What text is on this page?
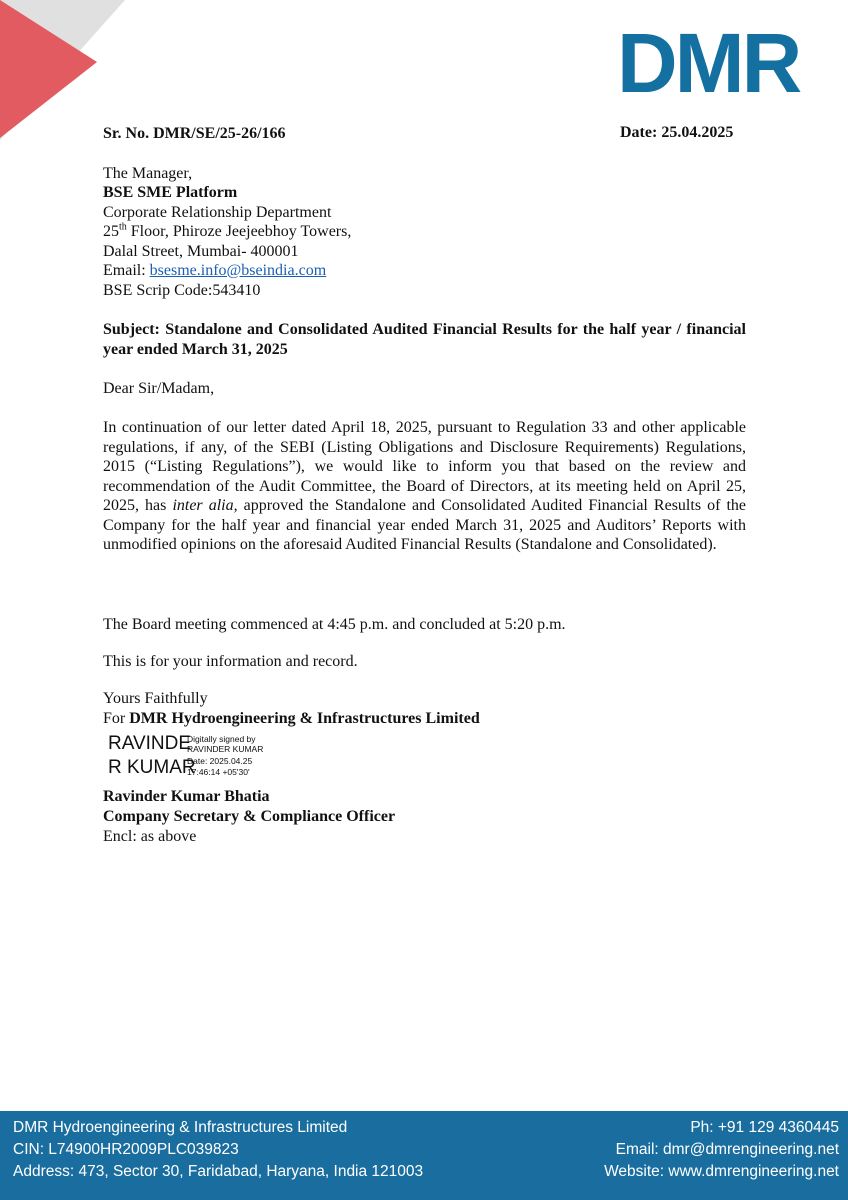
DMR
Sr. No. DMR/SE/25-26/166	Date: 25.04.2025
The Manager,
BSE SME Platform
Corporate Relationship Department
25th Floor, Phiroze Jeejeebhoy Towers,
Dalal Street, Mumbai- 400001
Email: bsesme.info@bseindia.com
BSE Scrip Code:543410
Subject: Standalone and Consolidated Audited Financial Results for the half year / financial year ended March 31, 2025
Dear Sir/Madam,
In continuation of our letter dated April 18, 2025, pursuant to Regulation 33 and other applicable regulations, if any, of the SEBI (Listing Obligations and Disclosure Requirements) Regulations, 2015 (“Listing Regulations”), we would like to inform you that based on the review and recommendation of the Audit Committee, the Board of Directors, at its meeting held on April 25, 2025, has inter alia, approved the Standalone and Consolidated Audited Financial Results of the Company for the half year and financial year ended March 31, 2025 and Auditors’ Reports with unmodified opinions on the aforesaid Audited Financial Results (Standalone and Consolidated).
The Board meeting commenced at 4:45 p.m. and concluded at 5:20 p.m.
This is for your information and record.
Yours Faithfully
For DMR Hydroengineering & Infrastructures Limited
RAVINDE
R KUMAR
Digitally signed by
RAVINDER KUMAR
Date: 2025.04.25
17:46:14 +05'30'
Ravinder Kumar Bhatia
Company Secretary & Compliance Officer
Encl: as above
DMR Hydroengineering & Infrastructures Limited
CIN: L74900HR2009PLC039823
Address: 473, Sector 30, Faridabad, Haryana, India 121003
Ph: +91 129 4360445
Email: dmr@dmrengineering.net
Website: www.dmrengineering.net
